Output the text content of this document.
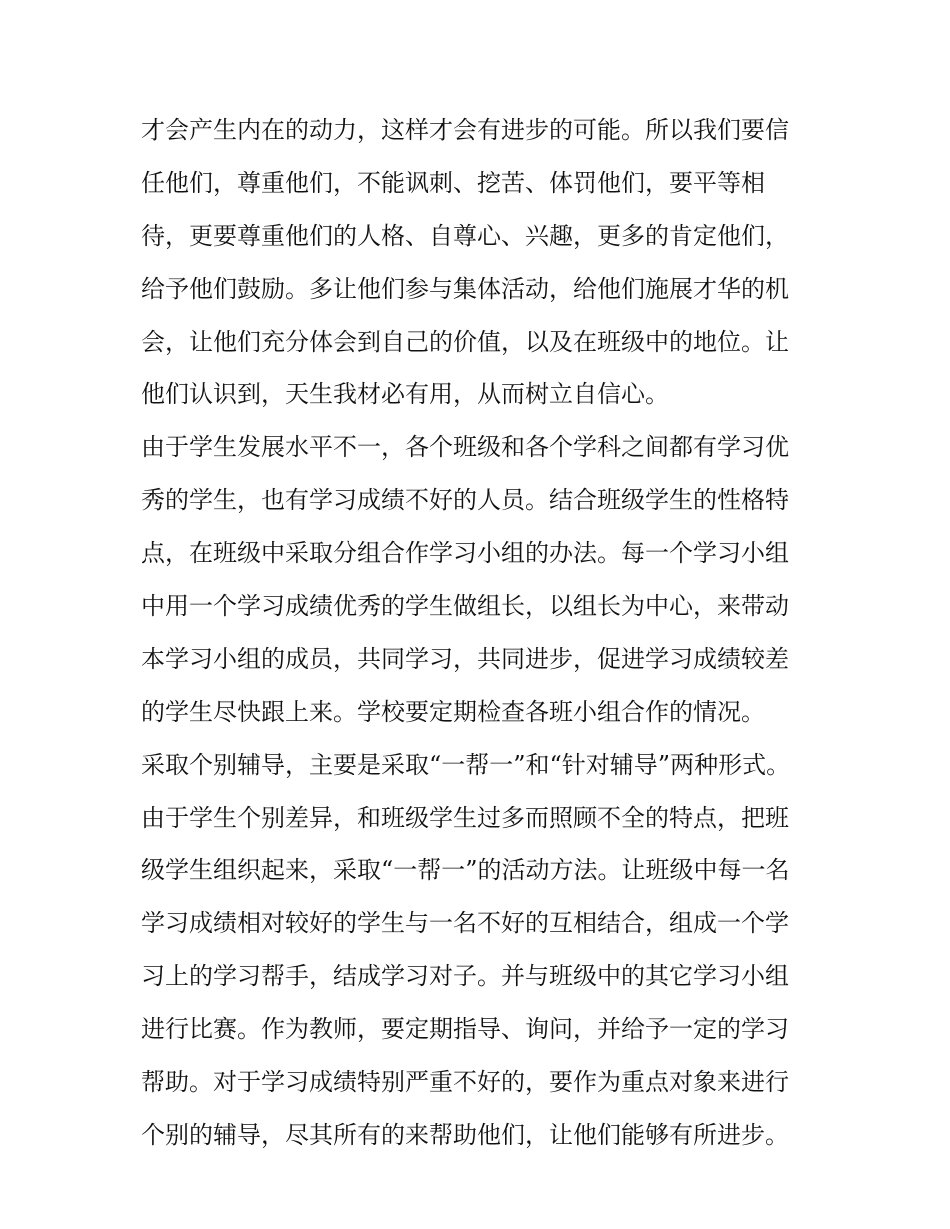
才会产生内在的动力，这样才会有进步的可能。所以我们要信
任他们，尊重他们，不能讽刺、挖苦、体罚他们，要平等相
待，更要尊重他们的人格、自尊心、兴趣，更多的肯定他们，
给予他们鼓励。多让他们参与集体活动，给他们施展才华的机
会，让他们充分体会到自己的价值，以及在班级中的地位。让
他们认识到，天生我材必有用，从而树立自信心。
由于学生发展水平不一，各个班级和各个学科之间都有学习优
秀的学生，也有学习成绩不好的人员。结合班级学生的性格特
点，在班级中采取分组合作学习小组的办法。每一个学习小组
中用一个学习成绩优秀的学生做组长，以组长为中心，来带动
本学习小组的成员，共同学习，共同进步，促进学习成绩较差
的学生尽快跟上来。学校要定期检查各班小组合作的情况。
采取个别辅导，主要是采取“一帮一”和“针对辅导”两种形式。
由于学生个别差异，和班级学生过多而照顾不全的特点，把班
级学生组织起来，采取“一帮一”的活动方法。让班级中每一名
学习成绩相对较好的学生与一名不好的互相结合，组成一个学
习上的学习帮手，结成学习对子。并与班级中的其它学习小组
进行比赛。作为教师，要定期指导、询问，并给予一定的学习
帮助。对于学习成绩特别严重不好的，要作为重点对象来进行
个别的辅导，尽其所有的来帮助他们，让他们能够有所进步。
